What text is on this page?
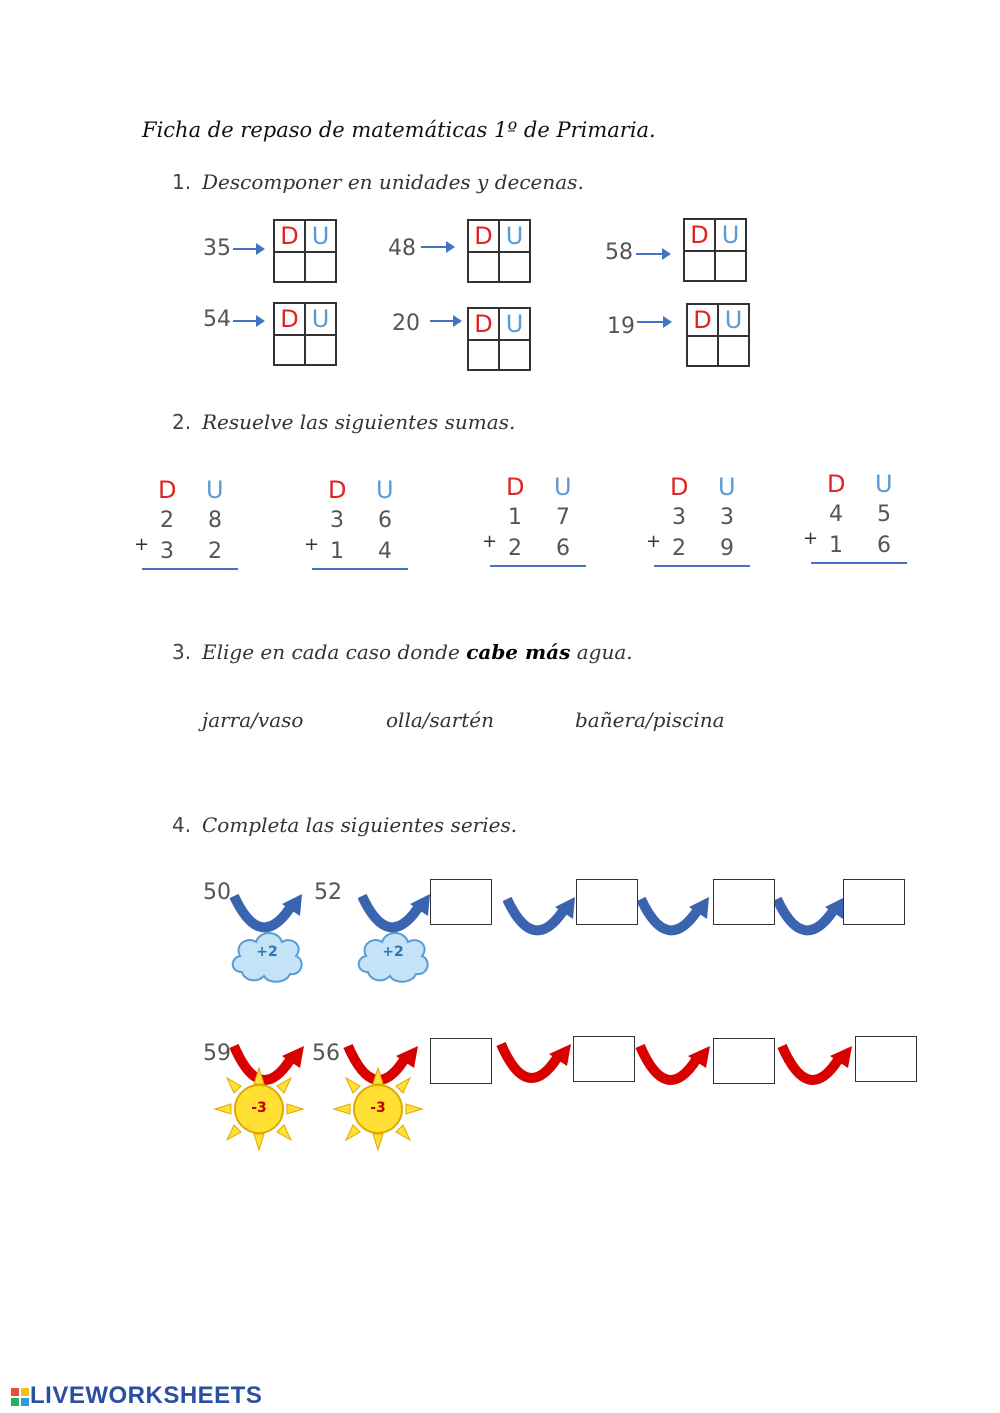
Ficha de repaso de matemáticas 1º de Primaria.
1. Descomponer en unidades y decenas.
35 D U	48 D U
58
D U
54 D U	20 D U	19 D U
2. Resuelve las siguientes sumas.
D U
2 8
+ 3 2
D U
3 6
+ 1 4
D U
1 7
+ 2 6
D U
3 3
+ 2 9
D U
4 5
+ 1 6
3. Elige en cada caso donde cabe más agua.
jarra/vaso	olla/sartén	bañera/piscina
4. Completa las siguientes series.
50	52
+2	+2
59	56
-3	-3
LIVEWORKSHEETS
